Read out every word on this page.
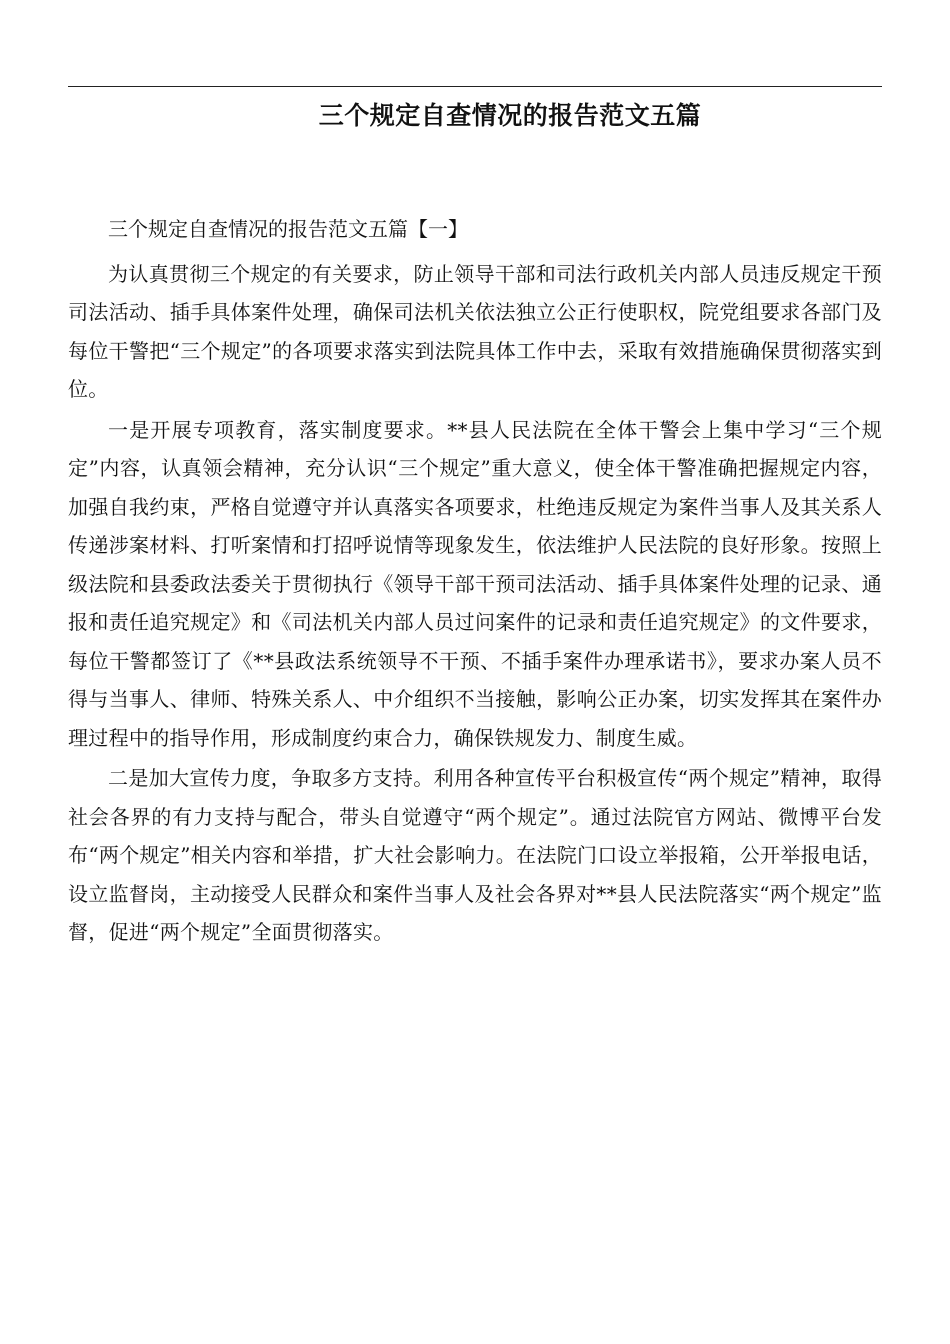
三个规定自查情况的报告范文五篇

三个规定自查情况的报告范文五篇【一】

为认真贯彻三个规定的有关要求，防止领导干部和司法行政机关内部人员违反规定干预司法活动、插手具体案件处理，确保司法机关依法独立公正行使职权，院党组要求各部门及每位干警把“三个规定”的各项要求落实到法院具体工作中去，采取有效措施确保贯彻落实到位。

一是开展专项教育，落实制度要求。**县人民法院在全体干警会上集中学习“三个规定”内容，认真领会精神，充分认识“三个规定”重大意义，使全体干警准确把握规定内容，加强自我约束，严格自觉遵守并认真落实各项要求，杜绝违反规定为案件当事人及其关系人传递涉案材料、打听案情和打招呼说情等现象发生，依法维护人民法院的良好形象。按照上级法院和县委政法委关于贯彻执行《领导干部干预司法活动、插手具体案件处理的记录、通报和责任追究规定》和《司法机关内部人员过问案件的记录和责任追究规定》的文件要求，每位干警都签订了《**县政法系统领导不干预、不插手案件办理承诺书》，要求办案人员不得与当事人、律师、特殊关系人、中介组织不当接触，影响公正办案，切实发挥其在案件办理过程中的指导作用，形成制度约束合力，确保铁规发力、制度生威。

二是加大宣传力度，争取多方支持。利用各种宣传平台积极宣传“两个规定”精神，取得社会各界的有力支持与配合，带头自觉遵守“两个规定”。通过法院官方网站、微博平台发布“两个规定”相关内容和举措，扩大社会影响力。在法院门口设立举报箱，公开举报电话，设立监督岗，主动接受人民群众和案件当事人及社会各界对**县人民法院落实“两个规定”监督，促进“两个规定”全面贯彻落实。
